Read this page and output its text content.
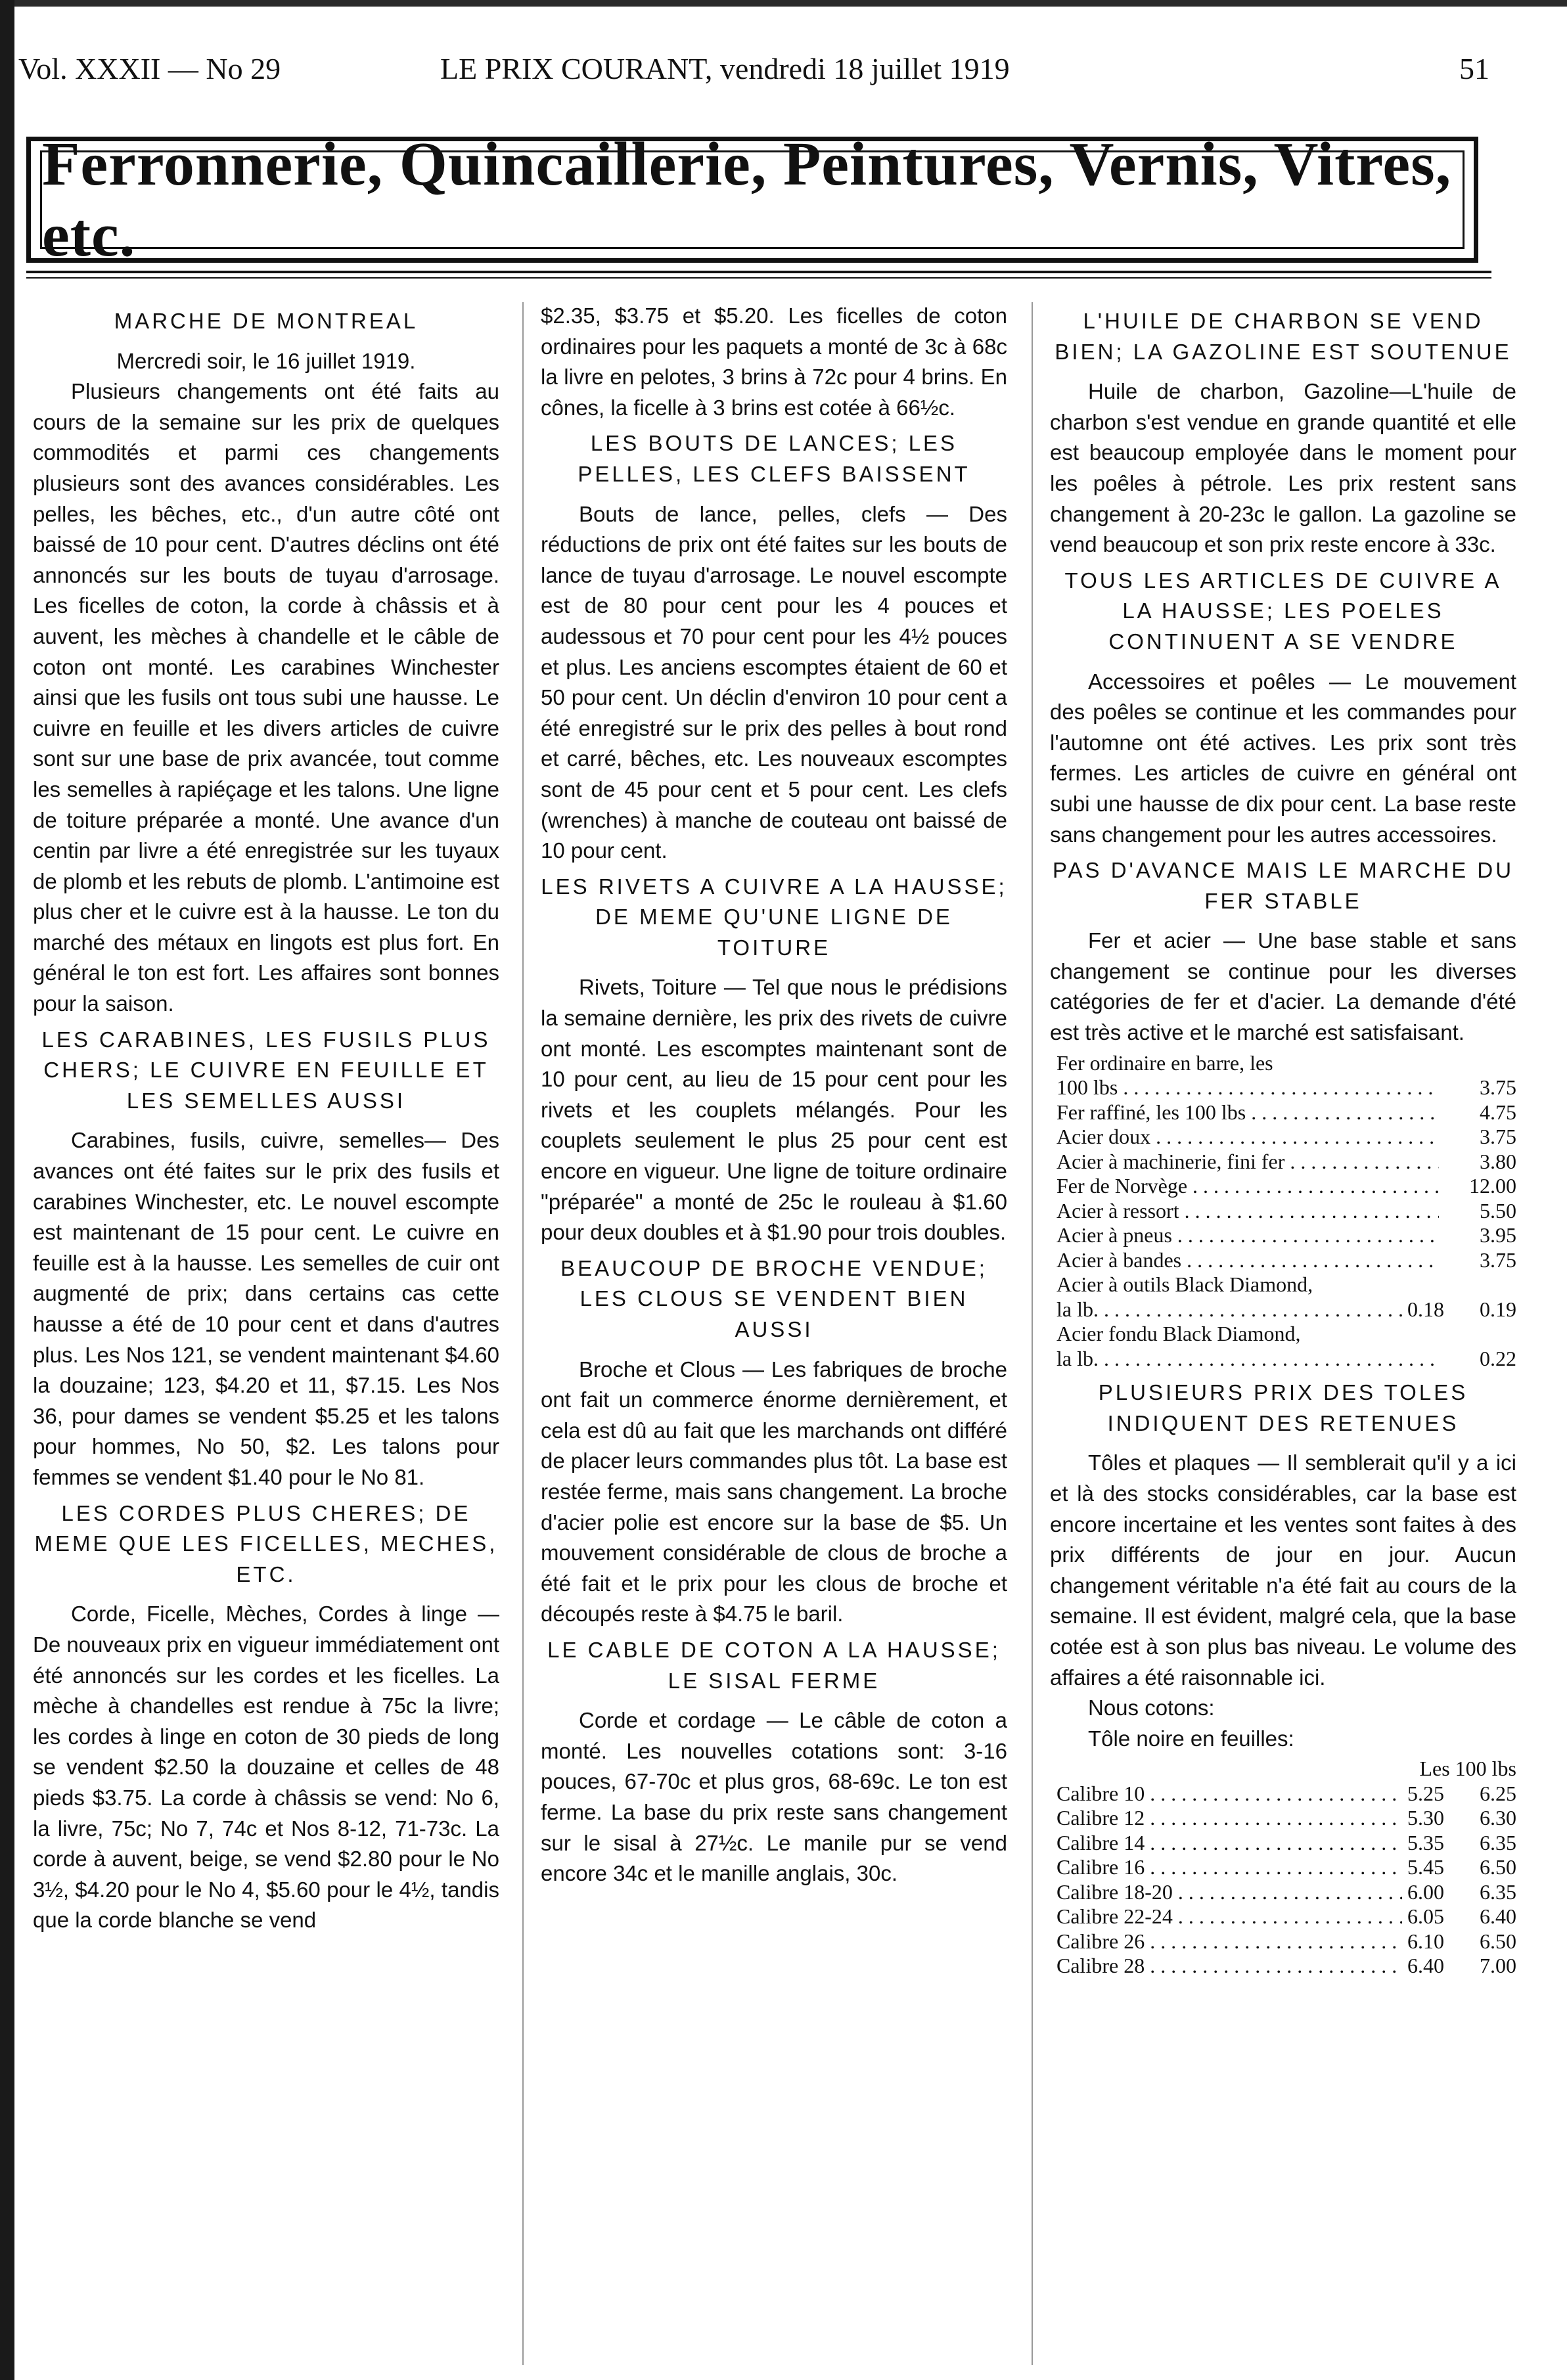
Vol. XXXII — No 29	LE PRIX COURANT, vendredi 18 juillet 1919	51
Ferronnerie, Quincaillerie, Peintures, Vernis, Vitres, etc.
MARCHE DE MONTREAL

Mercredi soir, le 16 juillet 1919.

Plusieurs changements ont été faits au cours de la semaine sur les prix de quelques commodités et parmi ces changements plusieurs sont des avances considérables. Les pelles, les bêches, etc., d'un autre côté ont baissé de 10 pour cent. D'autres déclins ont été annoncés sur les bouts de tuyau d'arrosage. Les ficelles de coton, la corde à châssis et à auvent, les mèches à chandelle et le câble de coton ont monté. Les carabines Winchester ainsi que les fusils ont tous subi une hausse. Le cuivre en feuille et les divers articles de cuivre sont sur une base de prix avancée, tout comme les semelles à rapiéçage et les talons. Une ligne de toiture préparée a monté. Une avance d'un centin par livre a été enregistrée sur les tuyaux de plomb et les rebuts de plomb. L'antimoine est plus cher et le cuivre est à la hausse. Le ton du marché des métaux en lingots est plus fort. En général le ton est fort. Les affaires sont bonnes pour la saison.

LES CARABINES, LES FUSILS PLUS CHERS; LE CUIVRE EN FEUILLE ET LES SEMELLES AUSSI

Carabines, fusils, cuivre, semelles— Des avances ont été faites sur le prix des fusils et carabines Winchester, etc. Le nouvel escompte est maintenant de 15 pour cent. Le cuivre en feuille est à la hausse. Les semelles de cuir ont augmenté de prix; dans certains cas cette hausse a été de 10 pour cent et dans d'autres plus. Les Nos 121, se vendent maintenant $4.60 la douzaine; 123, $4.20 et 11, $7.15. Les Nos 36, pour dames se vendent $5.25 et les talons pour hommes, No 50, $2. Les talons pour femmes se vendent $1.40 pour le No 81.

LES CORDES PLUS CHERES; DE MEME QUE LES FICELLES, MECHES, ETC.

Corde, Ficelle, Mèches, Cordes à linge — De nouveaux prix en vigueur immédiatement ont été annoncés sur les cordes et les ficelles. La mèche à chandelles est rendue à 75c la livre; les cordes à linge en coton de 30 pieds de long se vendent $2.50 la douzaine et celles de 48 pieds $3.75. La corde à châssis se vend: No 6, la livre, 75c; No 7, 74c et Nos 8-12, 71-73c. La corde à auvent, beige, se vend $2.80 pour le No 3½, $4.20 pour le No 4, $5.60 pour le 4½, tandis que la corde blanche se vend

$2.35, $3.75 et $5.20. Les ficelles de coton ordinaires pour les paquets a monté de 3c à 68c la livre en pelotes, 3 brins à 72c pour 4 brins. En cônes, la ficelle à 3 brins est cotée à 66½c.

LES BOUTS DE LANCES; LES PELLES, LES CLEFS BAISSENT

Bouts de lance, pelles, clefs — Des réductions de prix ont été faites sur les bouts de lance de tuyau d'arrosage. Le nouvel escompte est de 80 pour cent pour les 4 pouces et audessous et 70 pour cent pour les 4½ pouces et plus. Les anciens escomptes étaient de 60 et 50 pour cent. Un déclin d'environ 10 pour cent a été enregistré sur le prix des pelles à bout rond et carré, bêches, etc. Les nouveaux escomptes sont de 45 pour cent et 5 pour cent. Les clefs (wrenches) à manche de couteau ont baissé de 10 pour cent.

LES RIVETS A CUIVRE A LA HAUSSE; DE MEME QU'UNE LIGNE DE TOITURE

Rivets, Toiture — Tel que nous le prédisions la semaine dernière, les prix des rivets de cuivre ont monté. Les escomptes maintenant sont de 10 pour cent, au lieu de 15 pour cent pour les rivets et les couplets mélangés. Pour les couplets seulement le plus 25 pour cent est encore en vigueur. Une ligne de toiture ordinaire "préparée" a monté de 25c le rouleau à $1.60 pour deux doubles et à $1.90 pour trois doubles.

BEAUCOUP DE BROCHE VENDUE; LES CLOUS SE VENDENT BIEN AUSSI

Broche et Clous — Les fabriques de broche ont fait un commerce énorme dernièrement, et cela est dû au fait que les marchands ont différé de placer leurs commandes plus tôt. La base est restée ferme, mais sans changement. La broche d'acier polie est encore sur la base de $5. Un mouvement considérable de clous de broche a été fait et le prix pour les clous de broche et découpés reste à $4.75 le baril.

LE CABLE DE COTON A LA HAUSSE; LE SISAL FERME

Corde et cordage — Le câble de coton a monté. Les nouvelles cotations sont: 3-16 pouces, 67-70c et plus gros, 68-69c. Le ton est ferme. La base du prix reste sans changement sur le sisal à 27½c. Le manile pur se vend encore 34c et le manille anglais, 30c.

L'HUILE DE CHARBON SE VEND BIEN; LA GAZOLINE EST SOUTENUE

Huile de charbon, Gazoline—L'huile de charbon s'est vendue en grande quantité et elle est beaucoup employée dans le moment pour les poêles à pétrole. Les prix restent sans changement à 20-23c le gallon. La gazoline se vend beaucoup et son prix reste encore à 33c.

TOUS LES ARTICLES DE CUIVRE A LA HAUSSE; LES POELES CONTINUENT A SE VENDRE

Accessoires et poêles — Le mouvement des poêles se continue et les commandes pour l'automne ont été actives. Les prix sont très fermes. Les articles de cuivre en général ont subi une hausse de dix pour cent. La base reste sans changement pour les autres accessoires.

PAS D'AVANCE MAIS LE MARCHE DU FER STABLE

Fer et acier — Une base stable et sans changement se continue pour les diverses catégories de fer et d'acier. La demande d'été est très active et le marché est satisfaisant.

Fer ordinaire en barre, les
100 lbs . . .	3.75
Fer raffiné, les 100 lbs . . .	4.75
Acier doux . . .	3.75
Acier à machinerie, fini fer . . .	3.80
Fer de Norvège . . .	12.00
Acier à ressort . . .	5.50
Acier à pneus . . .	3.95
Acier à bandes . . .	3.75
Acier à outils Black Diamond,
la lb. . . .	0.18	0.19
Acier fondu Black Diamond,
la lb. . . .	0.22
PLUSIEURS PRIX DES TOLES INDIQUENT DES RETENUES

Tôles et plaques — Il semblerait qu'il y a ici et là des stocks considérables, car la base est encore incertaine et les ventes sont faites à des prix différents de jour en jour. Aucun changement véritable n'a été fait au cours de la semaine. Il est évident, malgré cela, que la base cotée est à son plus bas niveau. Le volume des affaires a été raisonnable ici.

Nous cotons:

Tôle noire en feuilles:

Les 100 lbs
Calibre 10 . . .	5.25	6.25
Calibre 12 . . .	5.30	6.30
Calibre 14 . . .	5.35	6.35
Calibre 16 . . .	5.45	6.50
Calibre 18-20 . . .	6.00	6.35
Calibre 22-24 . . .	6.05	6.40
Calibre 26 . . .	6.10	6.50
Calibre 28 . . .	6.40	7.00
